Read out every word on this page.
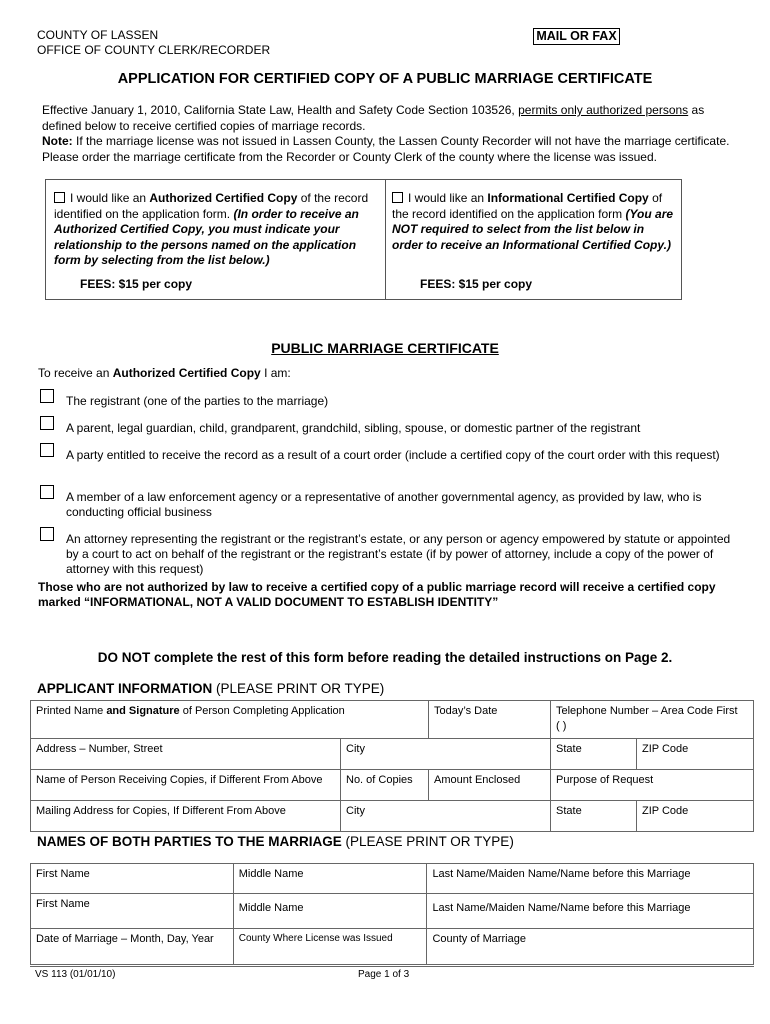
COUNTY OF LASSEN
OFFICE OF COUNTY CLERK/RECORDER
MAIL OR FAX
APPLICATION FOR CERTIFIED COPY OF A PUBLIC MARRIAGE CERTIFICATE
Effective January 1, 2010, California State Law, Health and Safety Code Section 103526, permits only authorized persons as defined below to receive certified copies of marriage records.
Note: If the marriage license was not issued in Lassen County, the Lassen County Recorder will not have the marriage certificate. Please order the marriage certificate from the Recorder or County Clerk of the county where the license was issued.
I would like an Authorized Certified Copy of the record identified on the application form. (In order to receive an Authorized Certified Copy, you must indicate your relationship to the persons named on the application form by selecting from the list below.)
FEES: $15 per copy
I would like an Informational Certified Copy of the record identified on the application form (You are NOT required to select from the list below in order to receive an Informational Certified Copy.)
FEES: $15 per copy
PUBLIC MARRIAGE CERTIFICATE
To receive an Authorized Certified Copy I am:
The registrant (one of the parties to the marriage)
A parent, legal guardian, child, grandparent, grandchild, sibling, spouse, or domestic partner of the registrant
A party entitled to receive the record as a result of a court order (include a certified copy of the court order with this request)
A member of a law enforcement agency or a representative of another governmental agency, as provided by law, who is conducting official business
An attorney representing the registrant or the registrant’s estate, or any person or agency empowered by statute or appointed by a court to act on behalf of the registrant or the registrant’s estate (if by power of attorney, include a copy of the power of attorney with this request)
Those who are not authorized by law to receive a certified copy of a public marriage record will receive a certified copy marked “INFORMATIONAL, NOT A VALID DOCUMENT TO ESTABLISH IDENTITY”
DO NOT complete the rest of this form before reading the detailed instructions on Page 2.
APPLICANT INFORMATION (PLEASE PRINT OR TYPE)
Printed Name and Signature of Person Completing Application		Today’s Date	Telephone Number – Area Code First
( )	

Address – Number, Street	City		State	ZIP Code
Name of Person Receiving Copies, if Different From Above	No. of Copies	Amount Enclosed	Purpose of Request	
Mailing Address for Copies, If Different From Above	City		State	ZIP Code
NAMES OF BOTH PARTIES TO THE MARRIAGE (PLEASE PRINT OR TYPE)
First Name	Middle Name	Last Name/Maiden Name/Name before this Marriage
First Name	Middle Name	Last Name/Maiden Name/Name before this Marriage
Date of Marriage – Month, Day, Year	County Where License was Issued	County of Marriage
VS 113 (01/01/10)	Page 1 of 3
